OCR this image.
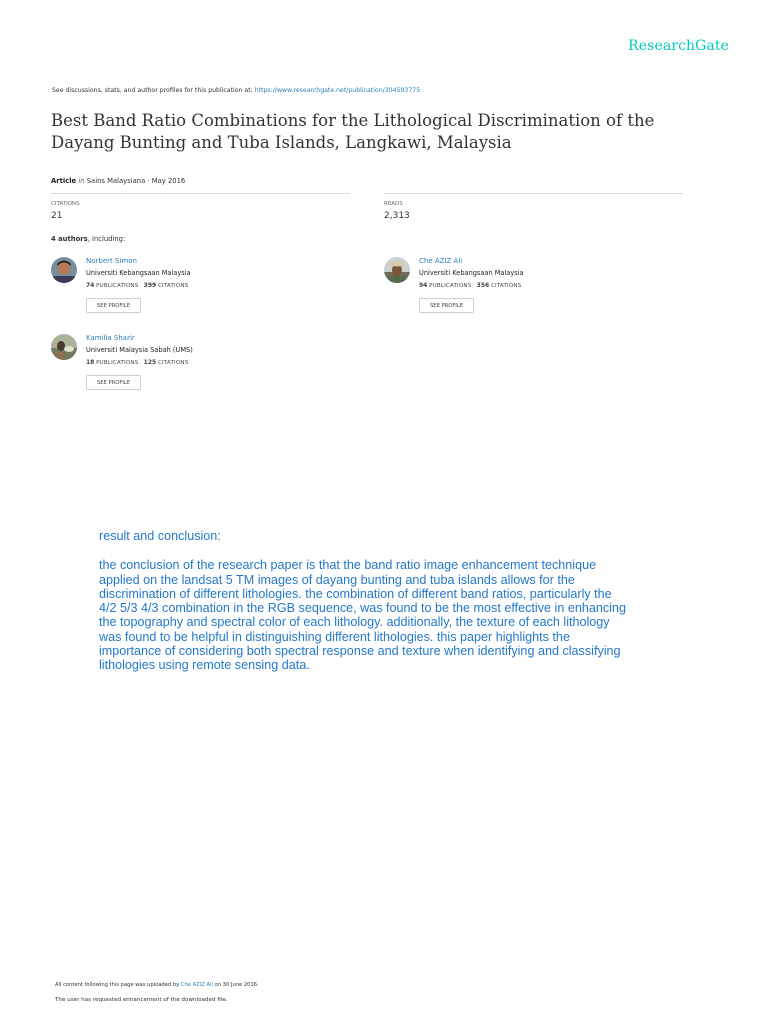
ResearchGate
See discussions, stats, and author profiles for this publication at: https://www.researchgate.net/publication/304593775
Best Band Ratio Combinations for the Lithological Discrimination of the Dayang Bunting and Tuba Islands, Langkawi, Malaysia
Article in Sains Malaysiana · May 2016
CITATIONS
21
READS
2,313
4 authors, including:
Norbert Simon
Universiti Kebangsaan Malaysia
74 PUBLICATIONS 399 CITATIONS
SEE PROFILE
Che AZIZ Ali
Universiti Kebangsaan Malaysia
94 PUBLICATIONS 356 CITATIONS
SEE PROFILE
Kamilia Sharir
Universiti Malaysia Sabah (UMS)
18 PUBLICATIONS 125 CITATIONS
SEE PROFILE
result and conclusion:
the conclusion of the research paper is that the band ratio image enhancement technique applied on the landsat 5 TM images of dayang bunting and tuba islands allows for the discrimination of different lithologies. the combination of different band ratios, particularly the 4/2 5/3 4/3 combination in the RGB sequence, was found to be the most effective in enhancing the topography and spectral color of each lithology. additionally, the texture of each lithology was found to be helpful in distinguishing different lithologies. this paper highlights the importance of considering both spectral response and texture when identifying and classifying lithologies using remote sensing data.
All content following this page was uploaded by Che AZIZ Ali on 30 June 2016.
The user has requested enhancement of the downloaded file.
